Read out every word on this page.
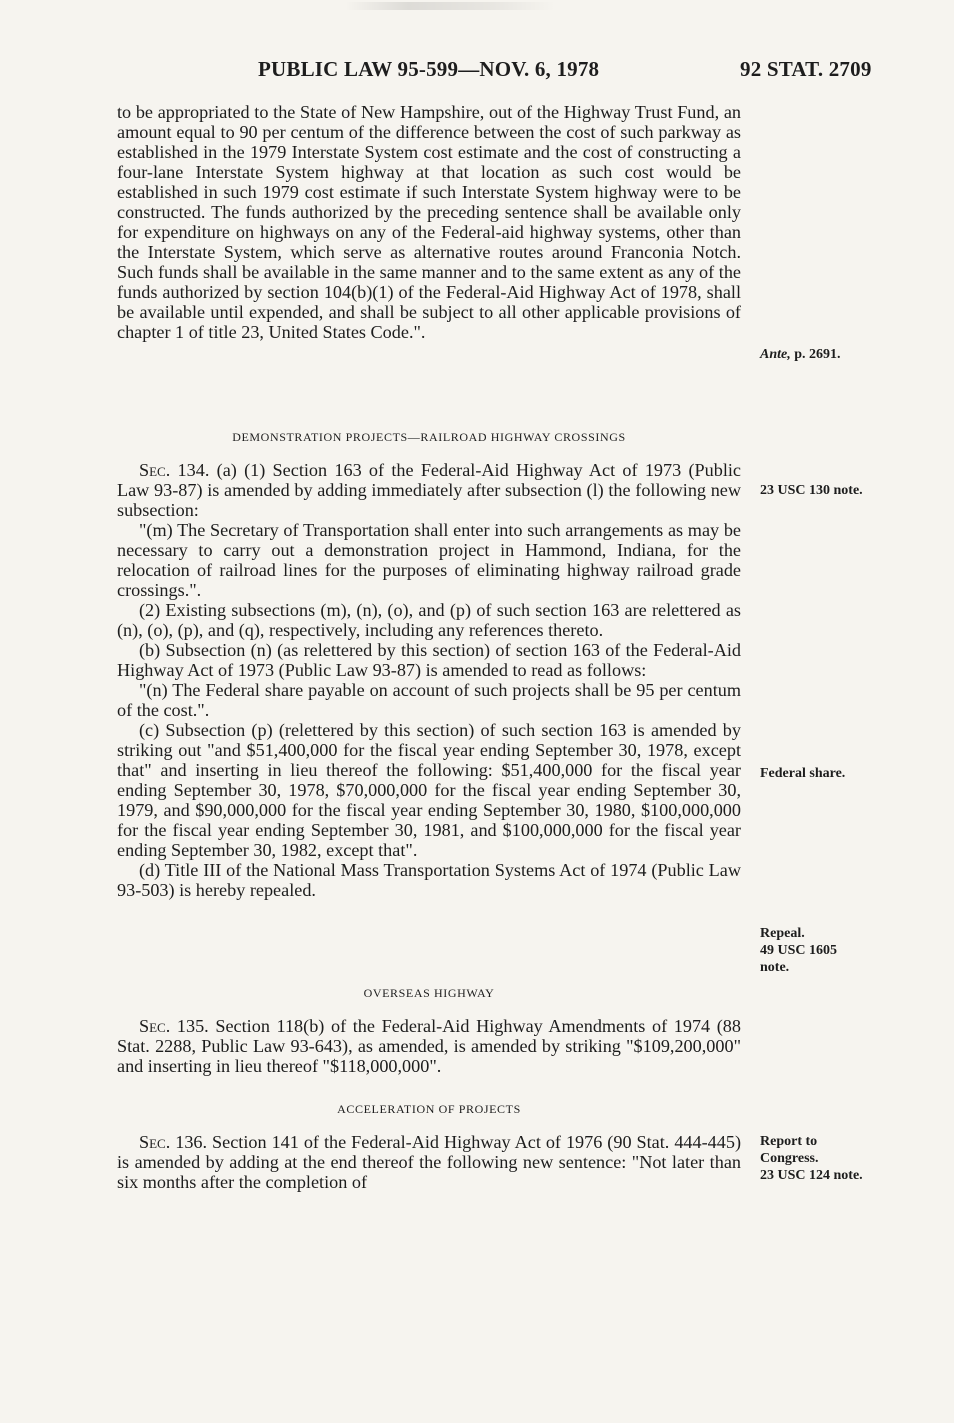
PUBLIC LAW 95-599—NOV. 6, 1978	92 STAT. 2709

to be appropriated to the State of New Hampshire, out of the Highway Trust Fund, an amount equal to 90 per centum of the difference between the cost of such parkway as established in the 1979 Interstate System cost estimate and the cost of constructing a four-lane Interstate System highway at that location as such cost would be established in such 1979 cost estimate if such Interstate System highway were to be constructed. The funds authorized by the preceding sentence shall be available only for expenditure on highways on any of the Federal-aid highway systems, other than the Interstate System, which serve as alternative routes around Franconia Notch. Such funds shall be available in the same manner and to the same extent as any of the funds authorized by section 104(b)(1) of the Federal-Aid Highway Act of 1978, shall be available until expended, and shall be subject to all other applicable provisions of chapter 1 of title 23, United States Code.".

DEMONSTRATION PROJECTS—RAILROAD HIGHWAY CROSSINGS

Sec. 134. (a) (1) Section 163 of the Federal-Aid Highway Act of 1973 (Public Law 93-87) is amended by adding immediately after subsection (l) the following new subsection:

"(m) The Secretary of Transportation shall enter into such arrangements as may be necessary to carry out a demonstration project in Hammond, Indiana, for the relocation of railroad lines for the purposes of eliminating highway railroad grade crossings.".

(2) Existing subsections (m), (n), (o), and (p) of such section 163 are relettered as (n), (o), (p), and (q), respectively, including any references thereto.

(b) Subsection (n) (as relettered by this section) of section 163 of the Federal-Aid Highway Act of 1973 (Public Law 93-87) is amended to read as follows:

"(n) The Federal share payable on account of such projects shall be 95 per centum of the cost.".

(c) Subsection (p) (relettered by this section) of such section 163 is amended by striking out "and $51,400,000 for the fiscal year ending September 30, 1978, except that" and inserting in lieu thereof the following: $51,400,000 for the fiscal year ending September 30, 1978, $70,000,000 for the fiscal year ending September 30, 1979, and $90,000,000 for the fiscal year ending September 30, 1980, $100,000,000 for the fiscal year ending September 30, 1981, and $100,000,000 for the fiscal year ending September 30, 1982, except that".

(d) Title III of the National Mass Transportation Systems Act of 1974 (Public Law 93-503) is hereby repealed.

OVERSEAS HIGHWAY

Sec. 135. Section 118(b) of the Federal-Aid Highway Amendments of 1974 (88 Stat. 2288, Public Law 93-643), as amended, is amended by striking "$109,200,000" and inserting in lieu thereof "$118,000,000".

ACCELERATION OF PROJECTS

Sec. 136. Section 141 of the Federal-Aid Highway Act of 1976 (90 Stat. 444-445) is amended by adding at the end thereof the following new sentence: "Not later than six months after the completion of

Ante, p. 2691.
23 USC 130 note.
Federal share.
Repeal.
49 USC 1605
note.
Report to
Congress.
23 USC 124 note.
